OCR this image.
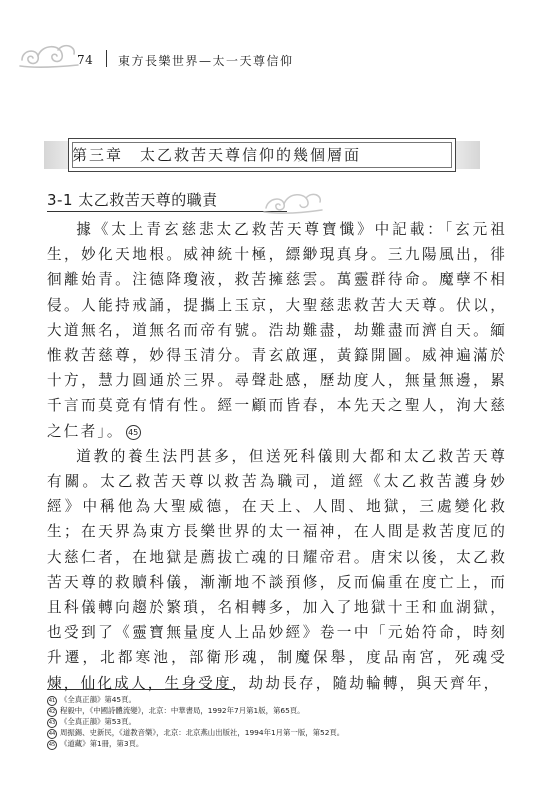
74 東方長樂世界—太一天尊信仰
第三章　太乙救苦天尊信仰的幾個層面
3-1 太乙救苦天尊的職責

據《太上青玄慈悲太乙救苦天尊寶懺》中記載：「玄元祖生，妙化天地根。威神統十極，縹緲現真身。三九陽風出，徘徊離始青。注德降瓊液，救苦擁慈雲。萬靈群待命。魔孽不相侵。人能持戒誦，提攜上玉京，大聖慈悲救苦大天尊。伏以，大道無名，道無名而帝有號。浩劫難盡，劫難盡而濟自天。緬惟救苦慈尊，妙得玉清分。青玄啟運，黃籙開圖。威神遍滿於十方，慧力圓通於三界。尋聲赴感，歷劫度人，無量無邊，累千言而莫竟有情有性。經一顧而皆春，本先天之聖人，洵大慈之仁者」。 45

道教的養生法門甚多，但送死科儀則大都和太乙救苦天尊有關。太乙救苦天尊以救苦為職司，道經《太乙救苦護身妙經》中稱他為大聖威德，在天上、人間、地獄，三處變化救生；在天界為東方長樂世界的太一福神，在人間是救苦度厄的大慈仁者，在地獄是薦拔亡魂的日耀帝君。唐宋以後，太乙救苦天尊的救贖科儀，漸漸地不談預修，反而偏重在度亡上，而且科儀轉向趨於繁瑣，名相轉多，加入了地獄十王和血湖獄，也受到了《靈寶無量度人上品妙經》卷一中「元始符命，時刻升遷，北都寒池，部衛形魂，制魔保舉，度品南宮，死魂受煉，仙化成人，生身受度，劫劫長存，隨劫輪轉，與天齊年，

41 《全真正韻》第45頁。
42 程毅中，《中國詩體流變》，北京：中華書局，1992年7月第1版，第65頁。
43 《全真正韻》第53頁。
44 周振錫、史新民，《道教音樂》，北京：北京燕山出版社，1994年1月第一版，第52頁。
45 《道藏》第1冊，第3頁。
